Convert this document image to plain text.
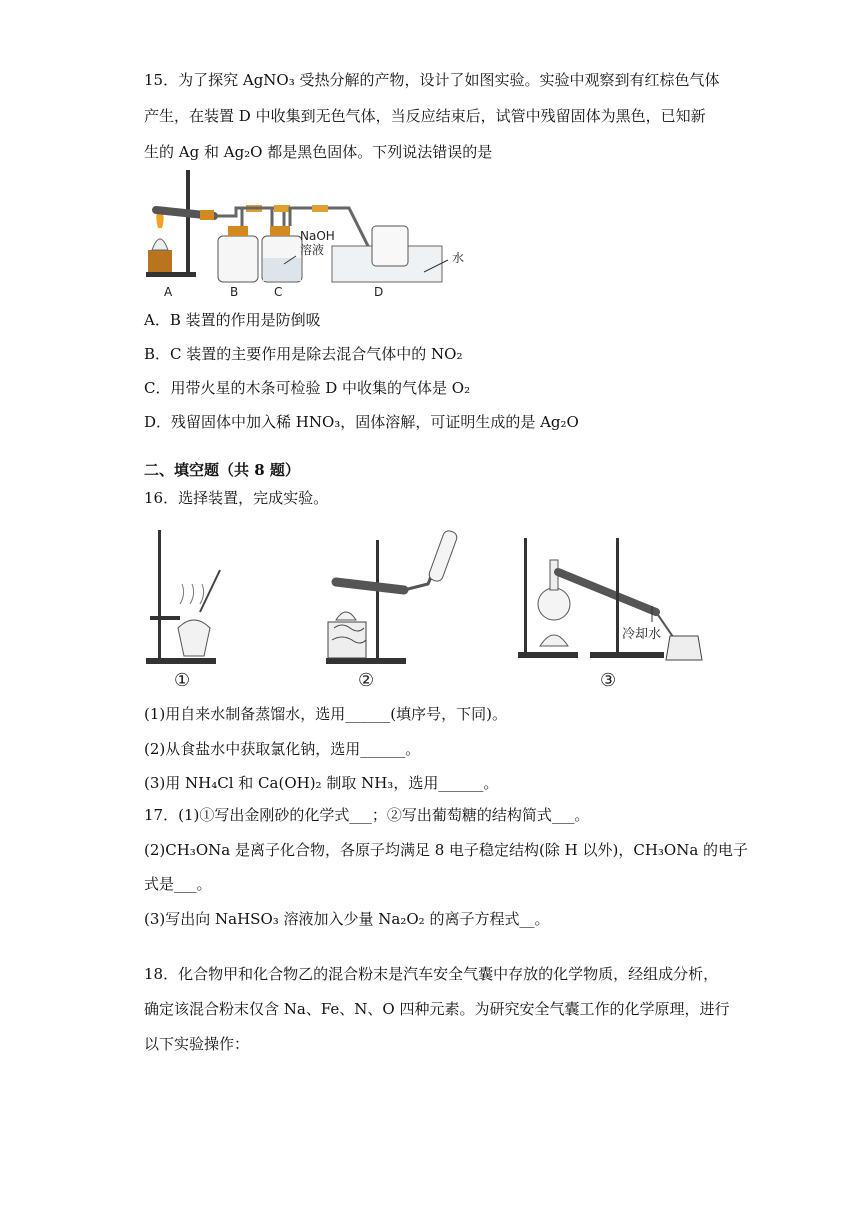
15．为了探究 AgNO₃ 受热分解的产物，设计了如图实验。实验中观察到有红棕色气体
产生，在装置 D 中收集到无色气体，当反应结束后，试管中残留固体为黑色，已知新
生的 Ag 和 Ag₂O 都是黑色固体。下列说法错误的是
NaOH
溶液
水
A	B	C	D
A．B 装置的作用是防倒吸
B．C 装置的主要作用是除去混合气体中的 NO₂
C．用带火星的木条可检验 D 中收集的气体是 O₂
D．残留固体中加入稀 HNO₃，固体溶解，可证明生成的是 Ag₂O
二、填空题（共 8 题）
16．选择装置，完成实验。
冷却水
①	②	③
(1)用自来水制备蒸馏水，选用______(填序号，下同)。
(2)从食盐水中获取氯化钠，选用______。
(3)用 NH₄Cl 和 Ca(OH)₂ 制取 NH₃，选用______。
17．(1)①写出金刚砂的化学式___；②写出葡萄糖的结构简式___。
(2)CH₃ONa 是离子化合物，各原子均满足 8 电子稳定结构(除 H 以外)，CH₃ONa 的电子
式是___。
(3)写出向 NaHSO₃ 溶液加入少量 Na₂O₂ 的离子方程式__。
18．化合物甲和化合物乙的混合粉末是汽车安全气囊中存放的化学物质，经组成分析，
确定该混合粉末仅含 Na、Fe、N、O 四种元素。为研究安全气囊工作的化学原理，进行
以下实验操作：
